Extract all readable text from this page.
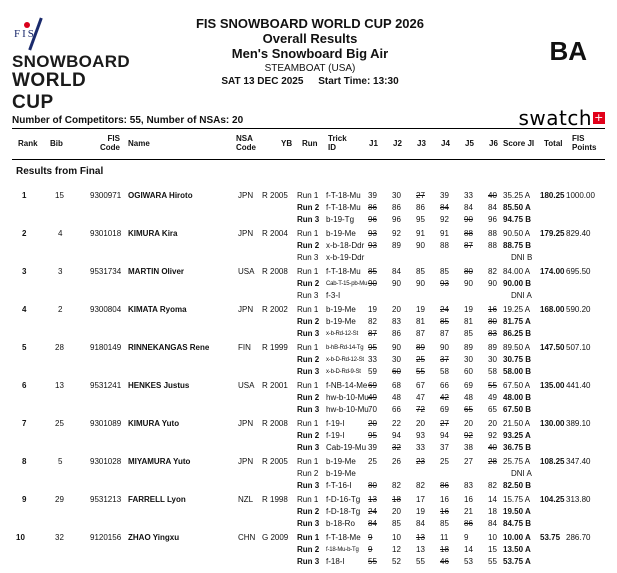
FIS
SNOWBOARD
WORLD CUP
FIS SNOWBOARD WORLD CUP 2026
Overall Results
Men's Snowboard Big Air
STEAMBOAT (USA)
SAT 13 DEC 2025 Start Time: 13:30
BA
Number of Competitors: 55, Number of NSAs: 20	swatch +
Rank Bib
FIS
Code Name
NSA
Code	YB Run
Trick
ID	J1 J2 J3 J4 J5 J6 Score JI Total
FIS
Points
Results from Final
1	15	9300971 OGIWARA Hiroto	JPN R 2005	180.25 1000.00
Run 1 f-T-18-Mu 39 30 27 39 33 40 35.25 A
Run 2 f-T-18-Mu 86 86 86 84 84 84 85.50 A
Run 3 b-19-Tg 96 96 95 92 90 96 94.75 B
2	4	9301018 KIMURA Kira	JPN R 2004	179.25 829.40
Run 1 b-19-Me 93 92 91 91 88 88 90.50 A
Run 2 x-b-18-Ddr 93 89 90 88 87 88 88.75 B
Run 3 x-b-19-Ddr	DNI B
3	3	9531734 MARTIN Oliver	USA R 2008	174.00 695.50
Run 1 f-T-18-Mu 85 84 85 85 80 82 84.00 A
Run 2 Cab-T-15-pb-Mu 90 90 90 93 90 90 90.00 B
Run 3 f-3-I	DNI A
4	2	9300804 KIMATA Ryoma	JPN R 2002	168.00 590.20
Run 1 b-19-Me 19 20 19 24 19 16 19.25 A
Run 2 b-19-Me 82 83 81 85 81 80 81.75 A
Run 3 x-b-Rd-12-St 87 86 87 87 85 83 86.25 B
5	28	9180149 RINNEKANGAS Rene	FIN R 1999	147.50 507.10
Run 1 b-hB-Rd-14-Tg 95 90 89 90 89 89 89.50 A
Run 2 x-b-D-Rd-12-St 33 30 25 37 30 30 30.75 B
Run 3 x-b-D-Rd-9-St 59 60 55 58 60 58 58.00 B
6	13	9531241 HENKES Justus	USA R 2001	135.00 441.40
Run 1 f-NB-14-Me 69 68 67 66 69 55 67.50 A
Run 2 hw-b-10-Mu 49 48 47 42 48 49 48.00 B
Run 3 hw-b-10-Mu 70 66 72 69 65 65 67.50 B
7	25	9301089 KIMURA Yuto	JPN R 2008	130.00 389.10
Run 1 f-19-I	20 22 20 27 20 20 21.50 A
Run 2 f-19-I	95 94 93 94 92 92 93.25 A
Run 3 Cab-19-Mu 39 32 33 37 38 40 36.75 B
8	5	9301028 MIYAMURA Yuto	JPN R 2005	108.25 347.40
Run 1 b-19-Me 25 26 23 25 27 28 25.75 A
Run 2 b-19-Me	DNI A
Run 3 f-T-16-I 80 82 82 86 83 82 82.50 B
9	29	9531213 FARRELL Lyon	NZL R 1998	104.25 313.80
Run 1 f-D-16-Tg 13 18 17 16 16 14 15.75 A
Run 2 f-D-18-Tg 24 20 19 16 21 18 19.50 A
Run 3 b-18-Ro 84 85 84 85 86 84 84.75 B
10	32	9120156 ZHAO Yingxu	CHN G 2009	53.75 286.70
Run 1 f-T-18-Me 9 10 13 11 9 10 10.00 A
Run 2 f-18-Mu-b-Tg 9 12 13 18 14 15 13.50 A
Run 3 f-18-I	55 52 55 46 53 55 53.75 A
